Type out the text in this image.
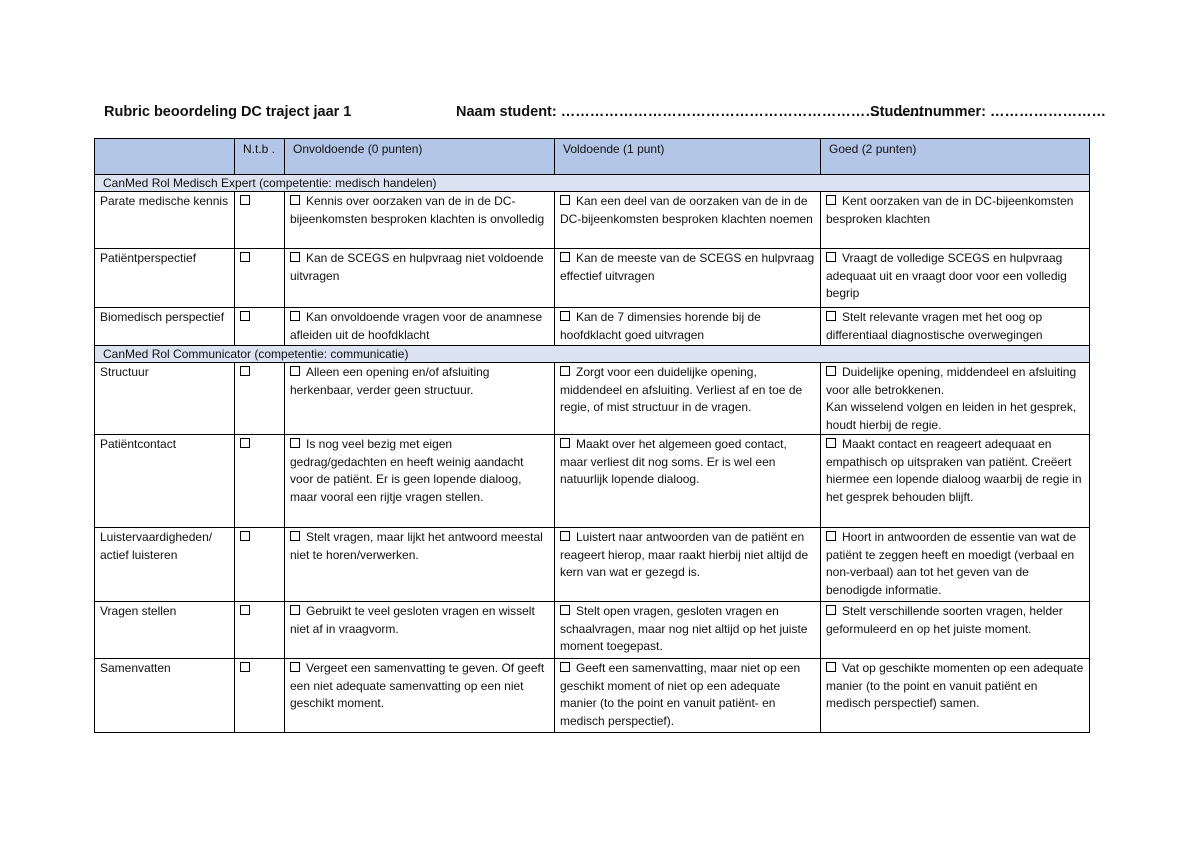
Rubric beoordeling DC traject jaar 1	Naam student: …………………………………………………………………
Studentnummer: ……………………
	N.t.b .	Onvoldoende (0 punten)	Voldoende (1 punt)	Goed (2 punten)
CanMed Rol Medisch Expert (competentie: medisch handelen)				
Parate medische kennis		Kennis over oorzaken van de in de DC-bijeenkomsten besproken klachten is onvolledig	Kan een deel van de oorzaken van de in de DC-bijeenkomsten besproken klachten noemen	Kent oorzaken van de in DC-bijeenkomsten besproken klachten
Patiëntperspectief		Kan de SCEGS en hulpvraag niet voldoende uitvragen	Kan de meeste van de SCEGS en hulpvraag effectief uitvragen	Vraagt de volledige SCEGS en hulpvraag adequaat uit en vraagt door voor een volledig begrip
Biomedisch perspectief		Kan onvoldoende vragen voor de anamnese afleiden uit de hoofdklacht	Kan de 7 dimensies horende bij de hoofdklacht goed uitvragen	Stelt relevante vragen met het oog op differentiaal diagnostische overwegingen
CanMed Rol Communicator (competentie: communicatie)				
Structuur		Alleen een opening en/of afsluiting herkenbaar, verder geen structuur.	Zorgt voor een duidelijke opening, middendeel en afsluiting. Verliest af en toe de regie, of mist structuur in de vragen.	Duidelijke opening, middendeel en afsluiting voor alle betrokkenen.
Kan wisselend volgen en leiden in het gesprek, houdt hierbij de regie.

Patiëntcontact		Is nog veel bezig met eigen gedrag/gedachten en heeft weinig aandacht voor de patiënt. Er is geen lopende dialoog, maar vooral een rijtje vragen stellen.	Maakt over het algemeen goed contact, maar verliest dit nog soms. Er is wel een natuurlijk lopende dialoog.	Maakt contact en reageert adequaat en empathisch op uitspraken van patiënt. Creëert hiermee een lopende dialoog waarbij de regie in het gesprek behouden blijft.
Luistervaardigheden/ actief luisteren		Stelt vragen, maar lijkt het antwoord meestal niet te horen/verwerken.	Luistert naar antwoorden van de patiënt en reageert hierop, maar raakt hierbij niet altijd de kern van wat er gezegd is.	Hoort in antwoorden de essentie van wat de patiënt te zeggen heeft en moedigt (verbaal en non-verbaal) aan tot het geven van de benodigde informatie.
Vragen stellen		Gebruikt te veel gesloten vragen en wisselt niet af in vraagvorm.	Stelt open vragen, gesloten vragen en schaalvragen, maar nog niet altijd op het juiste moment toegepast.	Stelt verschillende soorten vragen, helder geformuleerd en op het juiste moment.
Samenvatten		Vergeet een samenvatting te geven. Of geeft een niet adequate samenvatting op een niet geschikt moment.	Geeft een samenvatting, maar niet op een geschikt moment of niet op een adequate manier (to the point en vanuit patiënt- en medisch perspectief).	Vat op geschikte momenten op een adequate manier (to the point en vanuit patiënt en medisch perspectief) samen.
